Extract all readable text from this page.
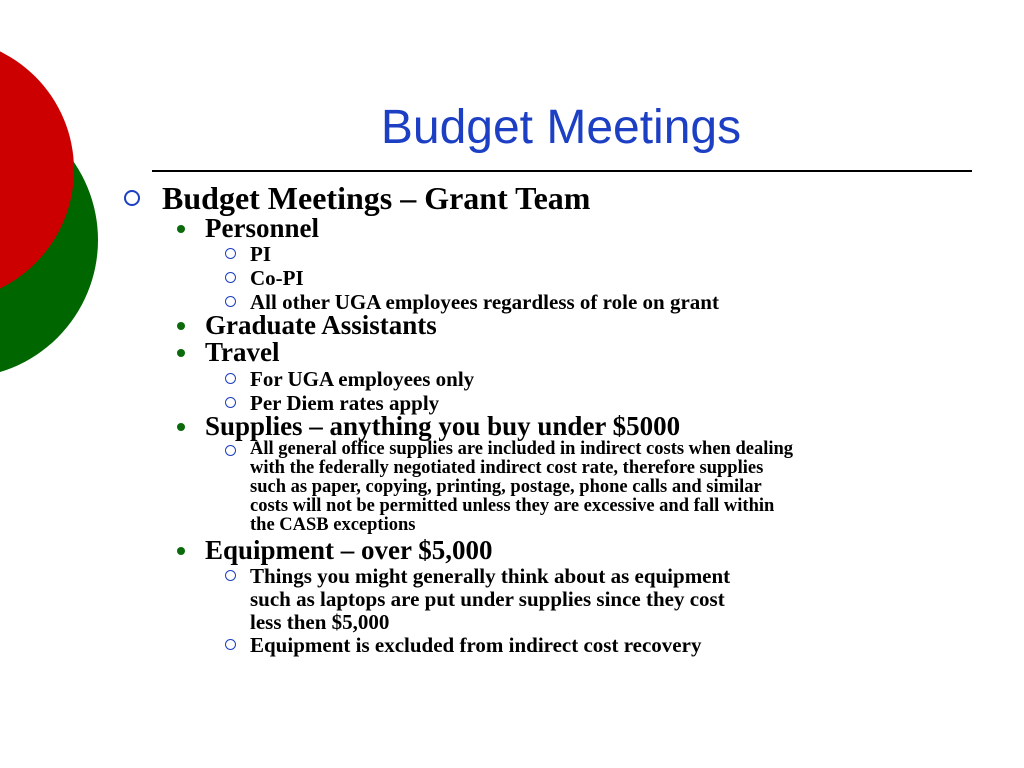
Budget Meetings
Budget Meetings – Grant Team
Personnel
PI
Co-PI
All other UGA employees regardless of role on grant
Graduate Assistants
Travel
For UGA employees only
Per Diem rates apply
Supplies – anything you buy under $5000
All general office supplies are included in indirect costs when dealing
with the federally negotiated indirect cost rate, therefore supplies
such as paper, copying, printing, postage, phone calls and similar
costs will not be permitted unless they are excessive and fall within
the CASB exceptions
Equipment – over $5,000
Things you might generally think about as equipment
such as laptops are put under supplies since they cost
less then $5,000
Equipment is excluded from indirect cost recovery
